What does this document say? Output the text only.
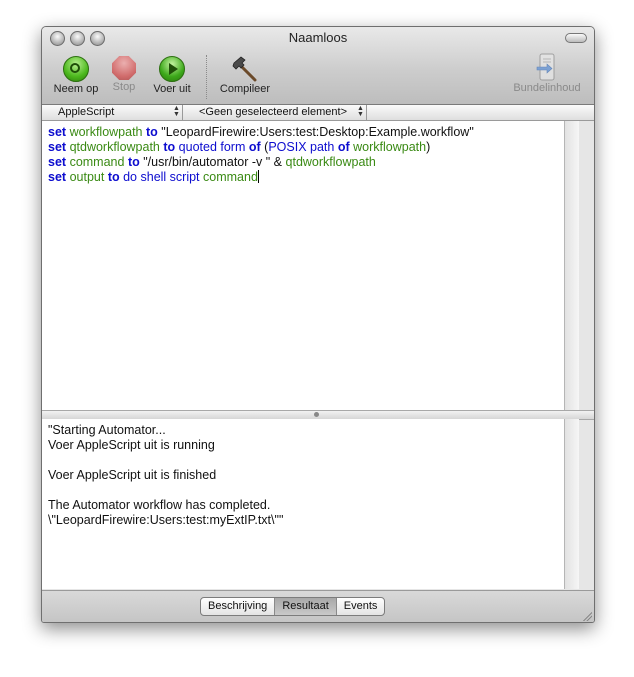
Naamloos
Neem op	Stop	Voer uit	Compileer	Bundelinhoud
AppleScript	▲
▼ <Geen geselecteerd element> ▲
▼
set workflowpath to "LeopardFirewire:Users:test:Desktop:Example.workflow"
set qtdworkflowpath to quoted form of (POSIX path of workflowpath)
set command to "/usr/bin/automator -v " & qtdworkflowpath
set output to do shell script command
"Starting Automator...
Voer AppleScript uit is running
Voer AppleScript uit is finished
The Automator workflow has completed.
\"LeopardFirewire:Users:test:myExtIP.txt\""
Beschrijving	Resultaat	Events
